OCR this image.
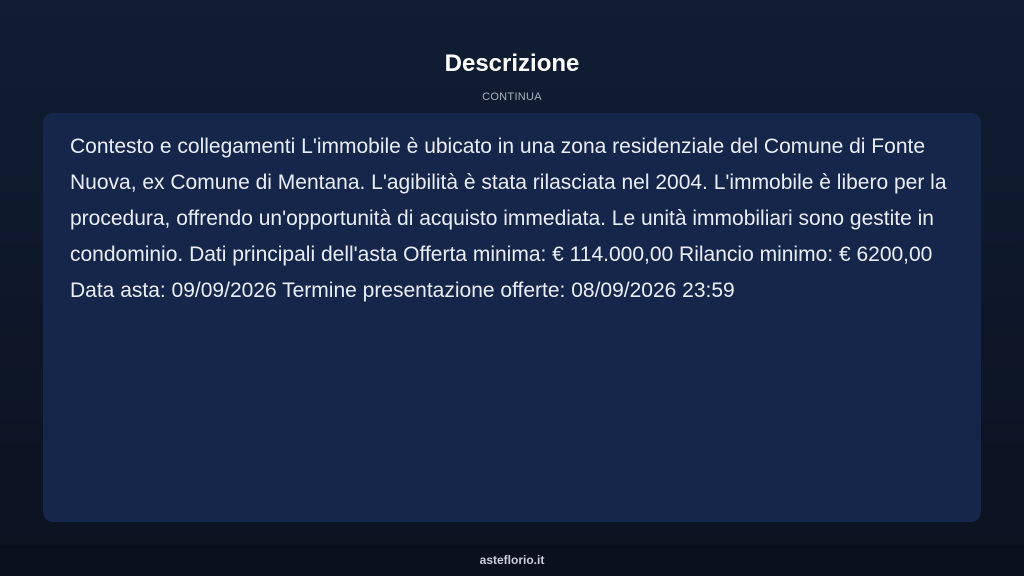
Descrizione
CONTINUA

Contesto e collegamenti L'immobile è ubicato in una zona residenziale del Comune di Fonte Nuova, ex Comune di Mentana. L'agibilità è stata rilasciata nel 2004. L'immobile è libero per la procedura, offrendo un'opportunità di acquisto immediata. Le unità immobiliari sono gestite in condominio. Dati principali dell'asta Offerta minima: € 114.000,00 Rilancio minimo: € 6200,00 Data asta: 09/09/2026 Termine presentazione offerte: 08/09/2026 23:59

asteflorio.it
